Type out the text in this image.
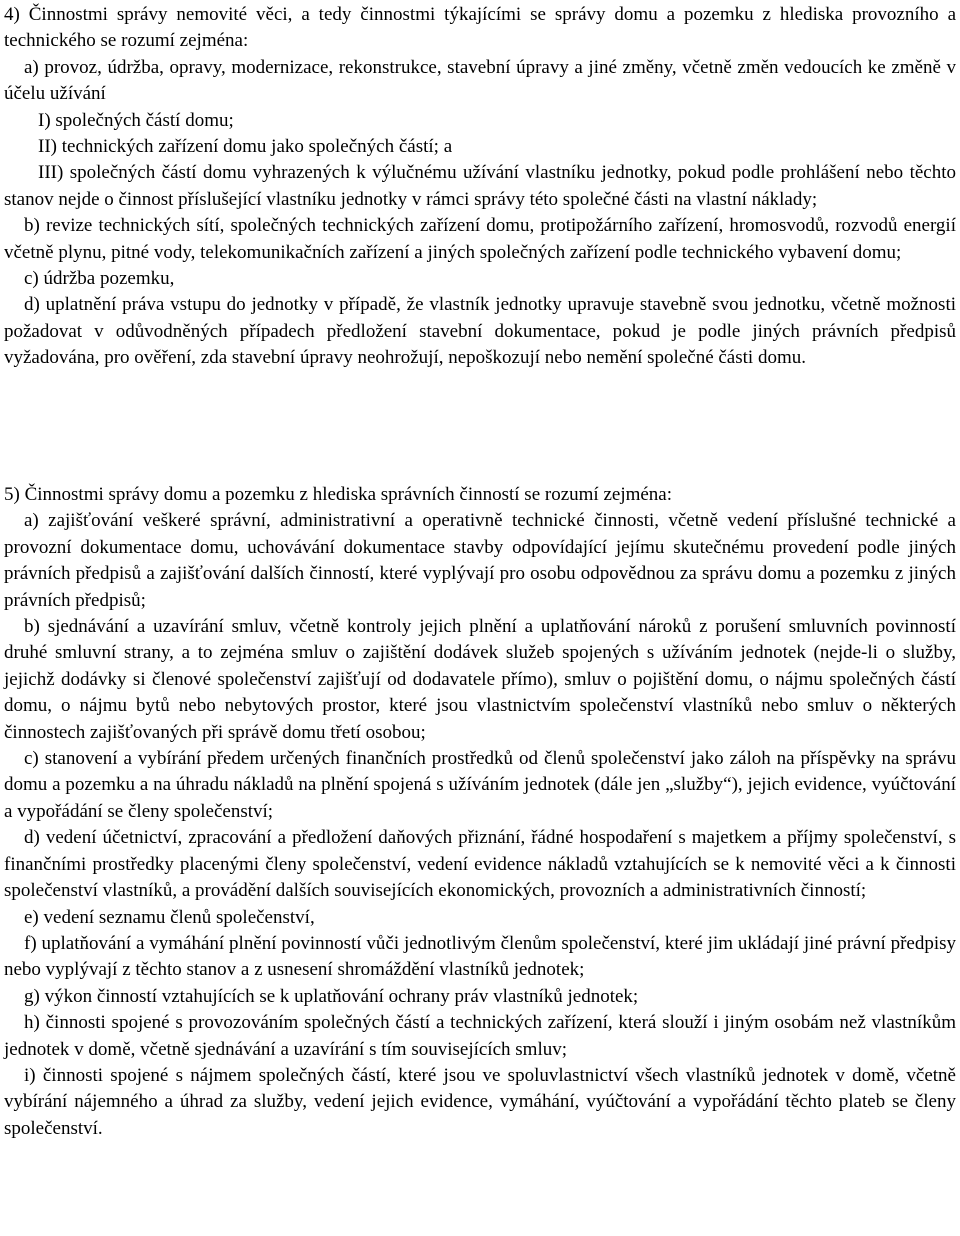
4) Činnostmi správy nemovité věci, a tedy činnostmi týkajícími se správy domu a pozemku z hlediska provozního a technického se rozumí zejména:

a) provoz, údržba, opravy, modernizace, rekonstrukce, stavební úpravy a jiné změny, včetně změn vedoucích ke změně v účelu užívání

I) společných částí domu;

II) technických zařízení domu jako společných částí; a

III) společných částí domu vyhrazených k výlučnému užívání vlastníku jednotky, pokud podle prohlášení nebo těchto stanov nejde o činnost příslušející vlastníku jednotky v rámci správy této společné části na vlastní náklady;

b) revize technických sítí, společných technických zařízení domu, protipožárního zařízení, hromosvodů, rozvodů energií včetně plynu, pitné vody, telekomunikačních zařízení a jiných společných zařízení podle technického vybavení domu;

c) údržba pozemku,

d) uplatnění práva vstupu do jednotky v případě, že vlastník jednotky upravuje stavebně svou jednotku, včetně možnosti požadovat v odůvodněných případech předložení stavební dokumentace, pokud je podle jiných právních předpisů vyžadována, pro ověření, zda stavební úpravy neohrožují, nepoškozují nebo nemění společné části domu.

5) Činnostmi správy domu a pozemku z hlediska správních činností se rozumí zejména:

a) zajišťování veškeré správní, administrativní a operativně technické činnosti, včetně vedení příslušné technické a provozní dokumentace domu, uchovávání dokumentace stavby odpovídající jejímu skutečnému provedení podle jiných právních předpisů a zajišťování dalších činností, které vyplývají pro osobu odpovědnou za správu domu a pozemku z jiných právních předpisů;

b) sjednávání a uzavírání smluv, včetně kontroly jejich plnění a uplatňování nároků z porušení smluvních povinností druhé smluvní strany, a to zejména smluv o zajištění dodávek služeb spojených s užíváním jednotek (nejde-li o služby, jejichž dodávky si členové společenství zajišťují od dodavatele přímo), smluv o pojištění domu, o nájmu společných částí domu, o nájmu bytů nebo nebytových prostor, které jsou vlastnictvím společenství vlastníků nebo smluv o některých činnostech zajišťovaných při správě domu třetí osobou;

c) stanovení a vybírání předem určených finančních prostředků od členů společenství jako záloh na příspěvky na správu domu a pozemku a na úhradu nákladů na plnění spojená s užíváním jednotek (dále jen „služby“), jejich evidence, vyúčtování a vypořádání se členy společenství;

d) vedení účetnictví, zpracování a předložení daňových přiznání, řádné hospodaření s majetkem a příjmy společenství, s finančními prostředky placenými členy společenství, vedení evidence nákladů vztahujících se k nemovité věci a k činnosti společenství vlastníků, a provádění dalších souvisejících ekonomických, provozních a administrativních činností;

e) vedení seznamu členů společenství,

f) uplatňování a vymáhání plnění povinností vůči jednotlivým členům společenství, které jim ukládají jiné právní předpisy nebo vyplývají z těchto stanov a z usnesení shromáždění vlastníků jednotek;

g) výkon činností vztahujících se k uplatňování ochrany práv vlastníků jednotek;

h) činnosti spojené s provozováním společných částí a technických zařízení, která slouží i jiným osobám než vlastníkům jednotek v domě, včetně sjednávání a uzavírání s tím souvisejících smluv;

i) činnosti spojené s nájmem společných částí, které jsou ve spoluvlastnictví všech vlastníků jednotek v domě, včetně vybírání nájemného a úhrad za služby, vedení jejich evidence, vymáhání, vyúčtování a vypořádání těchto plateb se členy společenství.
